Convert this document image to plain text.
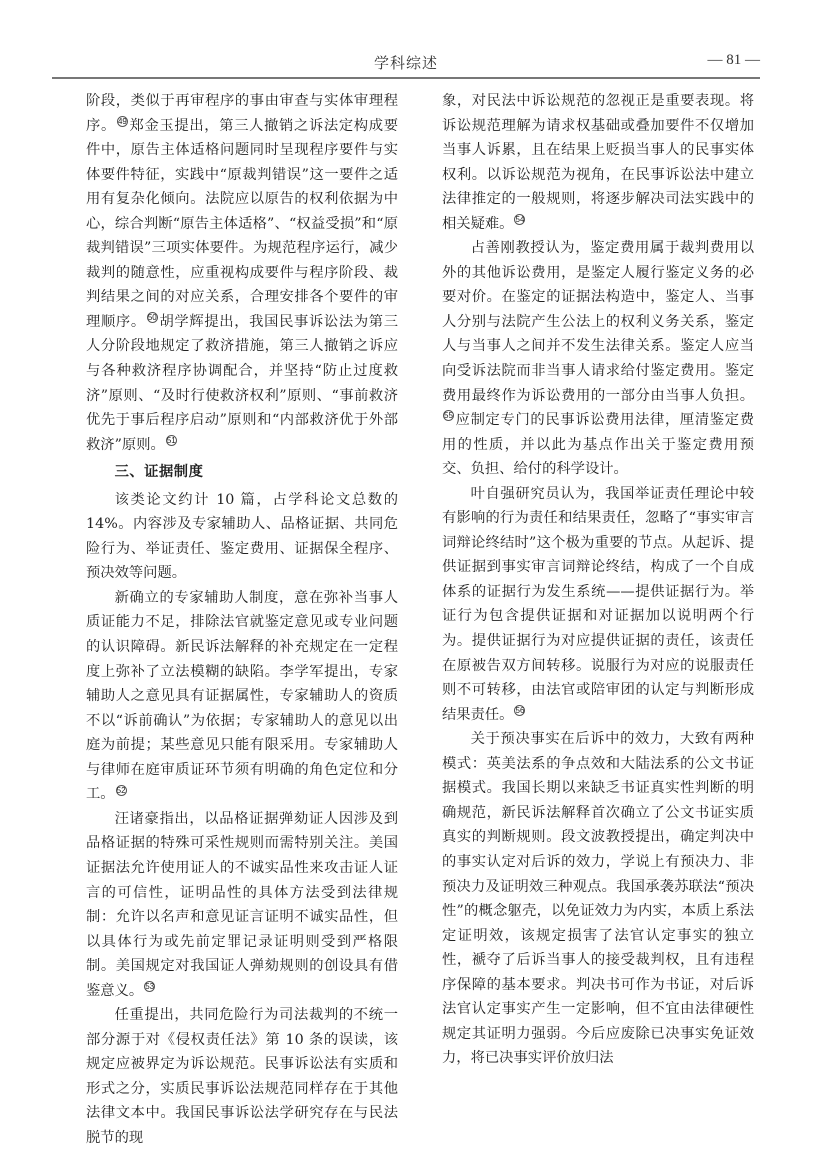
学科综述	— 81 —

阶段，类似于再审程序的事由审查与实体审理程序。 49 郑金玉提出，第三人撤销之诉法定构成要件中，原告主体适格问题同时呈现程序要件与实体要件特征，实践中“原裁判错误”这一要件之适用有复杂化倾向。法院应以原告的权利依据为中心，综合判断“原告主体适格”、“权益受损”和“原裁判错误”三项实体要件。为规范程序运行，减少裁判的随意性，应重视构成要件与程序阶段、裁判结果之间的对应关系，合理安排各个要件的审理顺序。 50 胡学辉提出，我国民事诉讼法为第三人分阶段地规定了救济措施，第三人撤销之诉应与各种救济程序协调配合，并坚持“防止过度救济”原则、“及时行使救济权利”原则、“事前救济优先于事后程序启动”原则和“内部救济优于外部救济”原则。 51

三、证据制度

该类论文约计 10 篇，占学科论文总数的 14%。内容涉及专家辅助人、品格证据、共同危险行为、举证责任、鉴定费用、证据保全程序、预决效等问题。

新确立的专家辅助人制度，意在弥补当事人质证能力不足，排除法官就鉴定意见或专业问题的认识障碍。新民诉法解释的补充规定在一定程度上弥补了立法模糊的缺陷。李学军提出，专家辅助人之意见具有证据属性，专家辅助人的资质不以“诉前确认”为依据；专家辅助人的意见以出庭为前提；某些意见只能有限采用。专家辅助人与律师在庭审质证环节须有明确的角色定位和分工。 52

汪诸豪指出，以品格证据弹劾证人因涉及到品格证据的特殊可采性规则而需特别关注。美国证据法允许使用证人的不诚实品性来攻击证人证言的可信性，证明品性的具体方法受到法律规制：允许以名声和意见证言证明不诚实品性，但以具体行为或先前定罪记录证明则受到严格限制。美国规定对我国证人弹劾规则的创设具有借鉴意义。 53

任重提出，共同危险行为司法裁判的不统一部分源于对《侵权责任法》第 10 条的误读，该规定应被界定为诉讼规范。民事诉讼法有实质和形式之分，实质民事诉讼法规范同样存在于其他法律文本中。我国民事诉讼法学研究存在与民法脱节的现

象，对民法中诉讼规范的忽视正是重要表现。将诉讼规范理解为请求权基础或叠加要件不仅增加当事人诉累，且在结果上贬损当事人的民事实体权利。以诉讼规范为视角，在民事诉讼法中建立法律推定的一般规则，将逐步解决司法实践中的相关疑难。 54

占善刚教授认为，鉴定费用属于裁判费用以外的其他诉讼费用，是鉴定人履行鉴定义务的必要对价。在鉴定的证据法构造中，鉴定人、当事人分别与法院产生公法上的权利义务关系，鉴定人与当事人之间并不发生法律关系。鉴定人应当向受诉法院而非当事人请求给付鉴定费用。鉴定费用最终作为诉讼费用的一部分由当事人负担。55 应制定专门的民事诉讼费用法律，厘清鉴定费用的性质，并以此为基点作出关于鉴定费用预交、负担、给付的科学设计。

叶自强研究员认为，我国举证责任理论中较有影响的行为责任和结果责任，忽略了“事实审言词辩论终结时”这个极为重要的节点。从起诉、提供证据到事实审言词辩论终结，构成了一个自成体系的证据行为发生系统——提供证据行为。举证行为包含提供证据和对证据加以说明两个行为。提供证据行为对应提供证据的责任，该责任在原被告双方间转移。说服行为对应的说服责任则不可转移，由法官或陪审团的认定与判断形成结果责任。 56

关于预决事实在后诉中的效力，大致有两种模式：英美法系的争点效和大陆法系的公文书证据模式。我国长期以来缺乏书证真实性判断的明确规范，新民诉法解释首次确立了公文书证实质真实的判断规则。段文波教授提出，确定判决中的事实认定对后诉的效力，学说上有预决力、非预决力及证明效三种观点。我国承袭苏联法“预决性”的概念躯壳，以免证效力为内实，本质上系法定证明效，该规定损害了法官认定事实的独立性，褫夺了后诉当事人的接受裁判权，且有违程序保障的基本要求。判决书可作为书证，对后诉法官认定事实产生一定影响，但不宜由法律硬性规定其证明力强弱。今后应废除已决事实免证效力，将已决事实评价放归法
